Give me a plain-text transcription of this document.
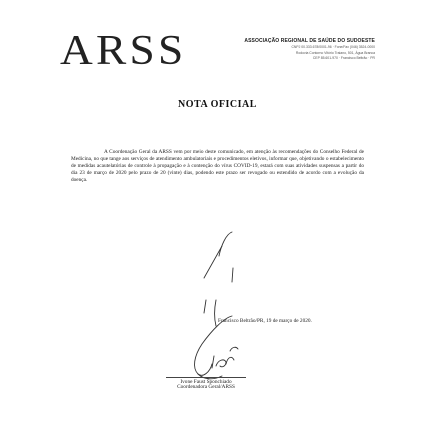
ARSS	ASSOCIAÇÃO REGIONAL DE SAÚDE DO SUDOESTE
CNPJ 00.333.678/0001-96 · Fone/Fax (046) 3524-0000
Rodovia Contorno Vitório Traiano, 501, Água Branca
CEP 85.601-970 · Francisco Beltrão · PR
NOTA OFICIAL
A Coordenação Geral da ARSS vem por meio deste comunicado, em atenção às recomendações do Conselho Federal de Medicina, no que tange aos serviços de atendimento ambulatoriais e procedimentos eletivos, informar que, objetivando o estabelecimento de medidas acautelatórias de controle à propagação e à contenção do vírus COVID-19, estará com suas atividades suspensas a partir do dia 23 de março de 2020 pelo prazo de 20 (vinte) dias, podendo este prazo ser revogado ou estendido de acordo com a evolução da doença.
Francisco Beltrão/PR, 19 de março de 2020.
Ivone Faust Sponchiado
Coordenadora Geral/ARSS
